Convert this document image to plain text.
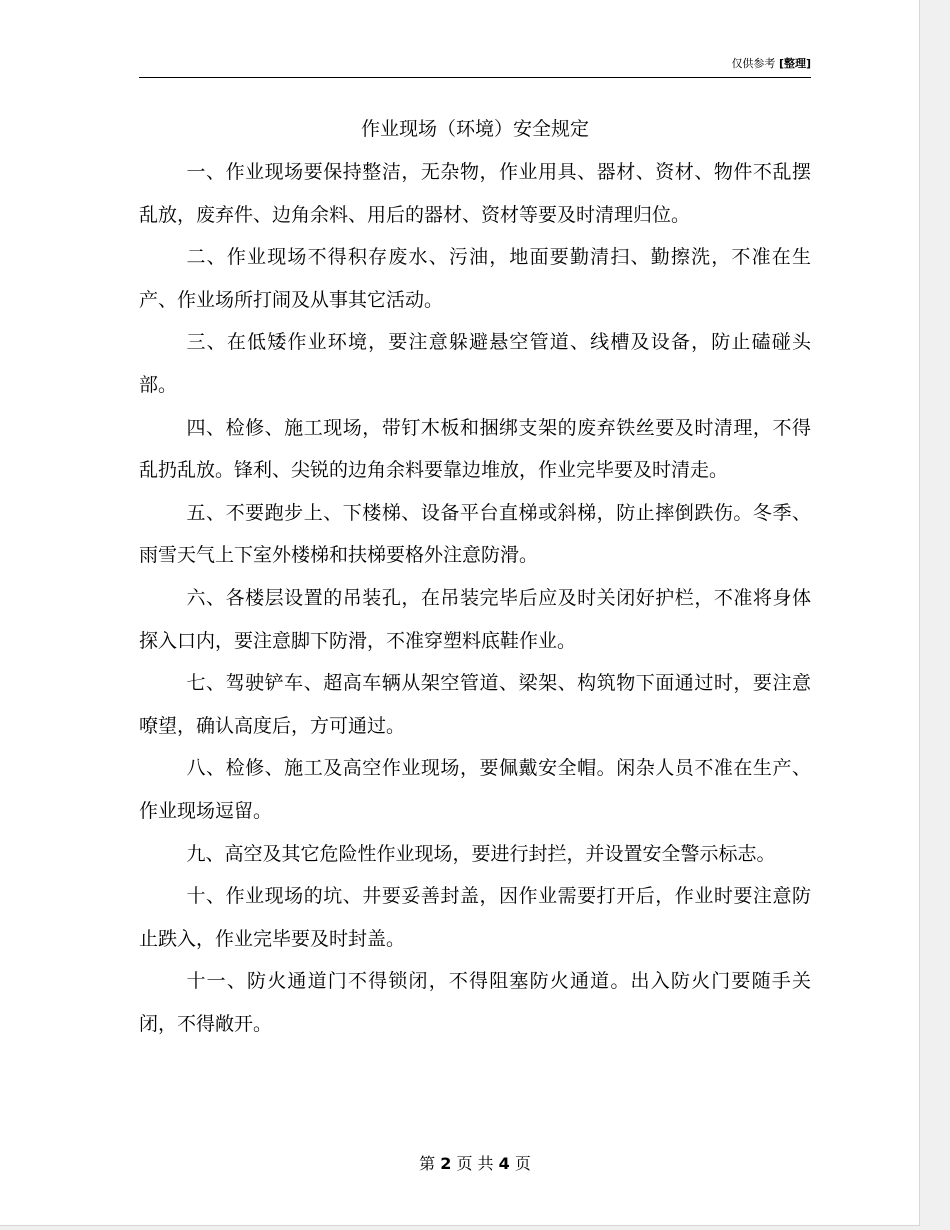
仅供参考 [整理]
作业现场（环境）安全规定

一、作业现场要保持整洁，无杂物，作业用具、器材、资材、物件不乱摆乱放，废弃件、边角余料、用后的器材、资材等要及时清理归位。

二、作业现场不得积存废水、污油，地面要勤清扫、勤擦洗，不准在生产、作业场所打闹及从事其它活动。

三、在低矮作业环境，要注意躲避悬空管道、线槽及设备，防止磕碰头部。

四、检修、施工现场，带钉木板和捆绑支架的废弃铁丝要及时清理，不得乱扔乱放。锋利、尖锐的边角余料要靠边堆放，作业完毕要及时清走。

五、不要跑步上、下楼梯、设备平台直梯或斜梯，防止摔倒跌伤。冬季、雨雪天气上下室外楼梯和扶梯要格外注意防滑。

六、各楼层设置的吊装孔，在吊装完毕后应及时关闭好护栏，不准将身体探入口内，要注意脚下防滑，不准穿塑料底鞋作业。

七、驾驶铲车、超高车辆从架空管道、梁架、构筑物下面通过时，要注意嘹望，确认高度后，方可通过。

八、检修、施工及高空作业现场，要佩戴安全帽。闲杂人员不准在生产、作业现场逗留。

九、高空及其它危险性作业现场，要进行封拦，并设置安全警示标志。

十、作业现场的坑、井要妥善封盖，因作业需要打开后，作业时要注意防止跌入，作业完毕要及时封盖。

十一、防火通道门不得锁闭，不得阻塞防火通道。出入防火门要随手关闭，不得敞开。

第 2 页 共 4 页
